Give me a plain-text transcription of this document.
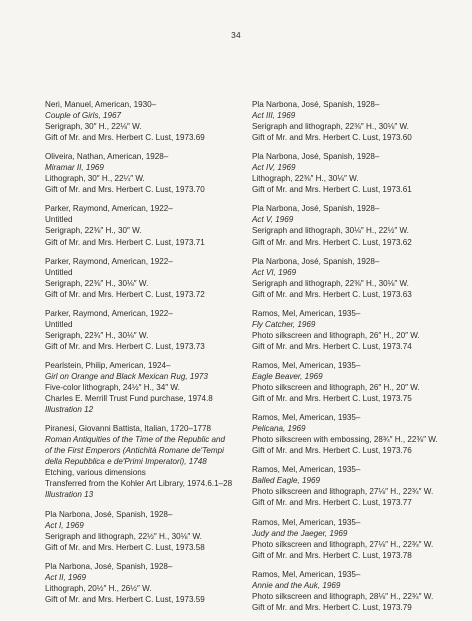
34
Neri, Manuel, American, 1930–
Couple of Girls, 1967
Serigraph, 30″ H., 22⅛″ W.
Gift of Mr. and Mrs. Herbert C. Lust, 1973.69
Oliveira, Nathan, American, 1928–
Miramar II, 1969
Lithograph, 30″ H., 22¼″ W.
Gift of Mr. and Mrs. Herbert C. Lust, 1973.70
Parker, Raymond, American, 1922–
Untitled
Serigraph, 22⅜″ H., 30″ W.
Gift of Mr. and Mrs. Herbert C. Lust, 1973.71
Parker, Raymond, American, 1922–
Untitled
Serigraph, 22⅜″ H., 30⅛″ W.
Gift of Mr. and Mrs. Herbert C. Lust, 1973.72
Parker, Raymond, American, 1922–
Untitled
Serigraph, 22¾″ H., 30⅛″ W.
Gift of Mr. and Mrs. Herbert C. Lust, 1973.73
Pearlstein, Philip, American, 1924–
Girl on Orange and Black Mexican Rug, 1973
Five-color lithograph, 24½″ H., 34″ W.
Charles E. Merrill Trust Fund purchase, 1974.8
Illustration 12
Piranesi, Giovanni Battista, Italian, 1720–1778
Roman Antiquities of the Time of the Republic and
of the First Emperors (Antichità Romane de'Tempi
della Repubblica e de'Primi Imperatori), 1748
Etching, various dimensions
Transferred from the Kohler Art Library, 1974.6.1–28
Illustration 13
Pla Narbona, José, Spanish, 1928–
Act I, 1969
Serigraph and lithograph, 22½″ H., 30⅛″ W.
Gift of Mr. and Mrs. Herbert C. Lust, 1973.58
Pla Narbona, José, Spanish, 1928–
Act II, 1969
Lithograph, 20½″ H., 26½″ W.
Gift of Mr. and Mrs. Herbert C. Lust, 1973.59
Pla Narbona, José, Spanish, 1928–
Act III, 1969
Serigraph and lithograph, 22⅜″ H., 30⅛″ W.
Gift of Mr. and Mrs. Herbert C. Lust, 1973.60
Pla Narbona, José, Spanish, 1928–
Act IV, 1969
Lithograph, 22⅜″ H., 30⅛″ W.
Gift of Mr. and Mrs. Herbert C. Lust, 1973.61
Pla Narbona, José, Spanish, 1928–
Act V, 1969
Serigraph and lithograph, 30⅛″ H., 22½″ W.
Gift of Mr. and Mrs. Herbert C. Lust, 1973.62
Pla Narbona, José, Spanish, 1928–
Act VI, 1969
Serigraph and lithograph, 22⅜″ H., 30⅛″ W.
Gift of Mr. and Mrs. Herbert C. Lust, 1973.63
Ramos, Mel, American, 1935–
Fly Catcher, 1969
Photo silkscreen and lithograph, 26″ H., 20″ W.
Gift of Mr. and Mrs. Herbert C. Lust, 1973.74
Ramos, Mel, American, 1935–
Eagle Beaver, 1969
Photo silkscreen and lithograph, 26″ H., 20″ W.
Gift of Mr. and Mrs. Herbert C. Lust, 1973.75
Ramos, Mel, American, 1935–
Pelicana, 1969
Photo silkscreen with embossing, 28¾″ H., 22⅜″ W.
Gift of Mr. and Mrs. Herbert C. Lust, 1973.76
Ramos, Mel, American, 1935–
Balled Eagle, 1969
Photo silkscreen and lithograph, 27⅛″ H., 22¾″ W.
Gift of Mr. and Mrs. Herbert C. Lust, 1973.77
Ramos, Mel, American, 1935–
Judy and the Jaeger, 1969
Photo silkscreen and lithograph, 27⅛″ H., 22¾″ W.
Gift of Mr. and Mrs. Herbert C. Lust, 1973.78
Ramos, Mel, American, 1935–
Annie and the Auk, 1969
Photo silkscreen and lithograph, 28⅛″ H., 22¾″ W.
Gift of Mr. and Mrs. Herbert C. Lust, 1973.79
